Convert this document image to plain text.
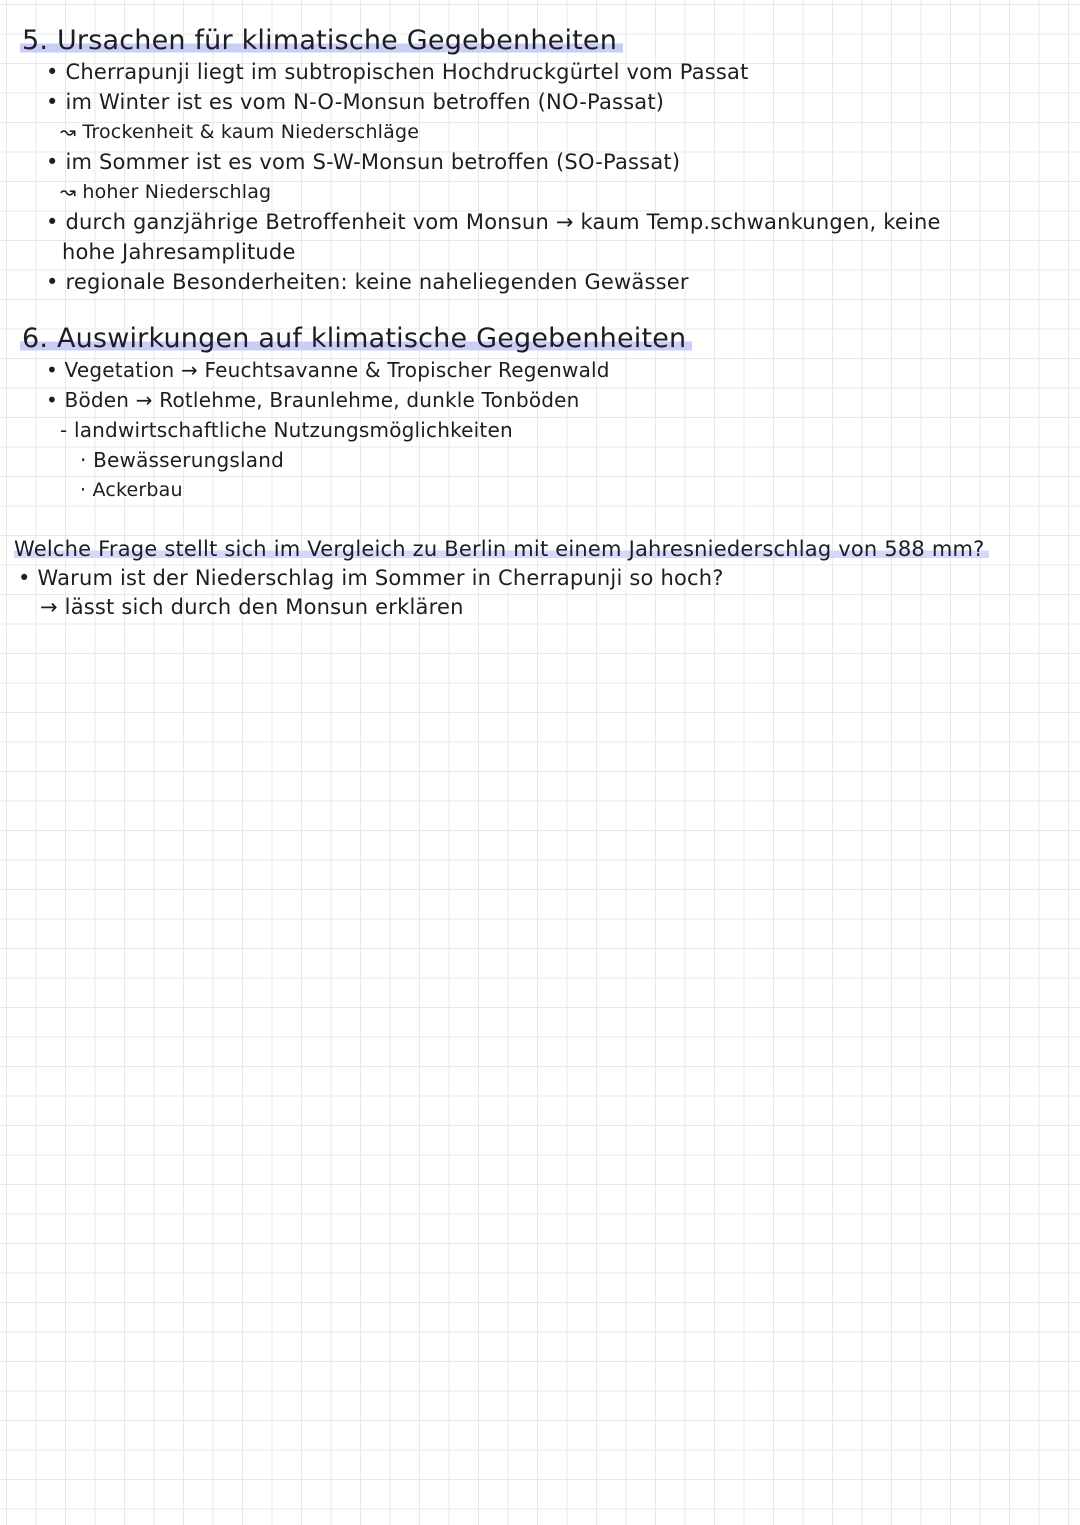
5. Ursachen für klimatische Gegebenheiten
• Cherrapunji liegt im subtropischen Hochdruckgürtel vom Passat
• im Winter ist es vom N-O-Monsun betroffen (NO-Passat)
↝ Trockenheit & kaum Niederschläge
• im Sommer ist es vom S-W-Monsun betroffen (SO-Passat)
↝ hoher Niederschlag
• durch ganzjährige Betroffenheit vom Monsun → kaum Temp.schwankungen, keine
hohe Jahresamplitude
• regionale Besonderheiten: keine naheliegenden Gewässer
6. Auswirkungen auf klimatische Gegebenheiten
• Vegetation → Feuchtsavanne & Tropischer Regenwald
• Böden → Rotlehme, Braunlehme, dunkle Tonböden
- landwirtschaftliche Nutzungsmöglichkeiten
· Bewässerungsland
· Ackerbau
Welche Frage stellt sich im Vergleich zu Berlin mit einem Jahresniederschlag von 588 mm?
• Warum ist der Niederschlag im Sommer in Cherrapunji so hoch?
→ lässt sich durch den Monsun erklären
